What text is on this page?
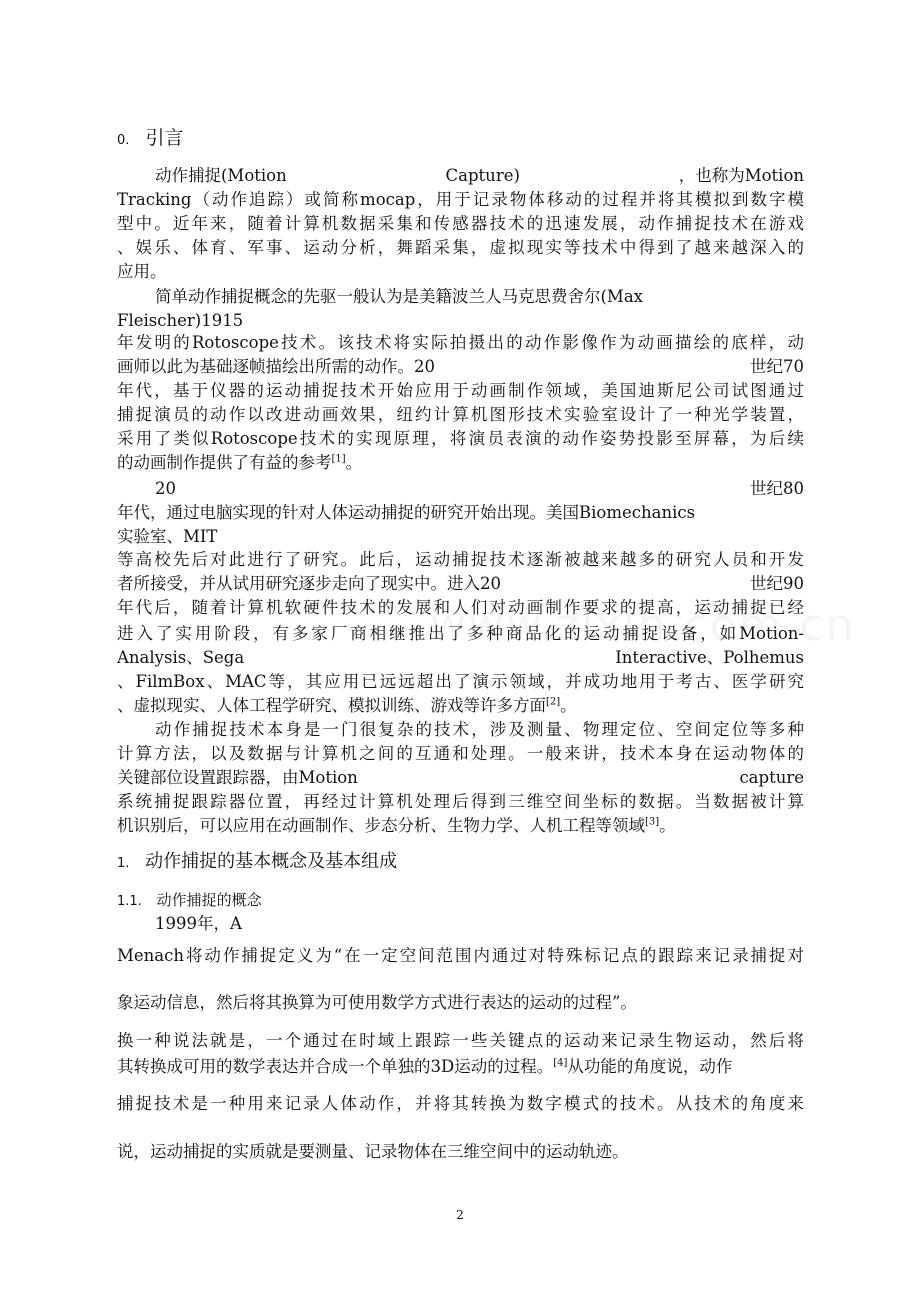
0. 引言
动作捕捉(Motion	Capture)	，也称为Motion
Tracking（动作追踪）或简称mocap，用于记录物体移动的过程并将其模拟到数字模
型中。近年来，随着计算机数据采集和传感器技术的迅速发展，动作捕捉技术在游戏
、娱乐、体育、军事、运动分析，舞蹈采集，虚拟现实等技术中得到了越来越深入的
应用。
简单动作捕捉概念的先驱一般认为是美籍波兰人马克思费舍尔(Max
Fleischer)1915
年发明的Rotoscope技术。该技术将实际拍摄出的动作影像作为动画描绘的底样，动
画师以此为基础逐帧描绘出所需的动作。20	世纪70
年代，基于仪器的运动捕捉技术开始应用于动画制作领域，美国迪斯尼公司试图通过
捕捉演员的动作以改进动画效果，纽约计算机图形技术实验室设计了一种光学装置，
采用了类似Rotoscope技术的实现原理，将演员表演的动作姿势投影至屏幕，为后续
的动画制作提供了有益的参考[1]。
20	世纪80
年代，通过电脑实现的针对人体运动捕捉的研究开始出现。美国Biomechanics
实验室、MIT
等高校先后对此进行了研究。此后，运动捕捉技术逐渐被越来越多的研究人员和开发
者所接受，并从试用研究逐步走向了现实中。进入20	世纪90
年代后，随着计算机软硬件技术的发展和人们对动画制作要求的提高，运动捕捉已经
进入了实用阶段，有多家厂商相继推出了多种商品化的运动捕捉设备，如Motion-
Analysis、Sega	Interactive、Polhemus
、FilmBox、MAC等，其应用已远远超出了演示领域，并成功地用于考古、医学研究
、虚拟现实、人体工程学研究、模拟训练、游戏等许多方面[2]。
动作捕捉技术本身是一门很复杂的技术，涉及测量、物理定位、空间定位等多种
计算方法，以及数据与计算机之间的互通和处理。一般来讲，技术本身在运动物体的
关键部位设置跟踪器，由Motion	capture
系统捕捉跟踪器位置，再经过计算机处理后得到三维空间坐标的数据。当数据被计算
机识别后，可以应用在动画制作、步态分析、生物力学、人机工程等领域[3]。
1. 动作捕捉的基本概念及基本组成
1.1. 动作捕捉的概念
1999年，A
Menach将动作捕捉定义为“在一定空间范围内通过对特殊标记点的跟踪来记录捕捉对
象运动信息，然后将其换算为可使用数学方式进行表达的运动的过程”。
换一种说法就是，一个通过在时域上跟踪一些关键点的运动来记录生物运动，然后将
其转换成可用的数学表达并合成一个单独的3D运动的过程。[4]从功能的角度说，动作
捕捉技术是一种用来记录人体动作，并将其转换为数字模式的技术。从技术的角度来
说，运动捕捉的实质就是要测量、记录物体在三维空间中的运动轨迹。
2
